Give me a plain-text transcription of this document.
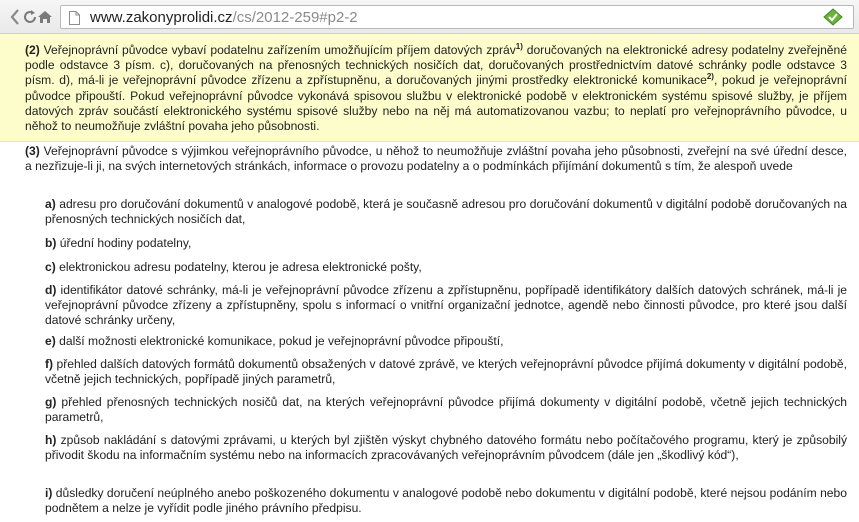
www.zakonyprolidi.cz/cs/2012-259#p2-2

(2) Veřejnoprávní původce vybaví podatelnu zařízením umožňujícím příjem datových zpráv$^{1)}$ doručovaných na elektronické adresy podatelny zveřejněné podle odstavce 3 písm. c), doručovaných na přenosných technických nosičích dat, doručovaných prostřednictvím datové schránky podle odstavce 3 písm. d), má-li je veřejnoprávní původce zřízenu a zpřístupněnu, a doručovaných jinými prostředky elektronické komunikace$^{2)}$, pokud je veřejnoprávní původce připouští. Pokud veřejnoprávní původce vykonává spisovou službu v elektronické podobě v elektronickém systému spisové služby, je příjem datových zpráv součástí elektronického systému spisové služby nebo na něj má automatizovanou vazbu; to neplatí pro veřejnoprávního původce, u něhož to neumožňuje zvláštní povaha jeho působnosti.

(3) Veřejnoprávní původce s výjimkou veřejnoprávního původce, u něhož to neumožňuje zvláštní povaha jeho působnosti, zveřejní na své úřední desce, a nezřizuje-li ji, na svých internetových stránkách, informace o provozu podatelny a o podmínkách přijímání dokumentů s tím, že alespoň uvede

a) adresu pro doručování dokumentů v analogové podobě, která je současně adresou pro doručování dokumentů v digitální podobě doručovaných na přenosných technických nosičích dat,

b) úřední hodiny podatelny,

c) elektronickou adresu podatelny, kterou je adresa elektronické pošty,

d) identifikátor datové schránky, má-li je veřejnoprávní původce zřízenu a zpřístupněnu, popřípadě identifikátory dalších datových schránek, má-li je veřejnoprávní původce zřízeny a zpřístupněny, spolu s informací o vnitřní organizační jednotce, agendě nebo činnosti původce, pro které jsou další datové schránky určeny,

e) další možnosti elektronické komunikace, pokud je veřejnoprávní původce připouští,

f) přehled dalších datových formátů dokumentů obsažených v datové zprávě, ve kterých veřejnoprávní původce přijímá dokumenty v digitální podobě, včetně jejich technických, popřípadě jiných parametrů,

g) přehled přenosných technických nosičů dat, na kterých veřejnoprávní původce přijímá dokumenty v digitální podobě, včetně jejich technických parametrů,

h) způsob nakládání s datovými zprávami, u kterých byl zjištěn výskyt chybného datového formátu nebo počítačového programu, který je způsobilý přivodit škodu na informačním systému nebo na informacích zpracovávaných veřejnoprávním původcem (dále jen „škodlivý kód“),

i) důsledky doručení neúplného anebo poškozeného dokumentu v analogové podobě nebo dokumentu v digitální podobě, které nejsou podáním nebo podnětem a nelze je vyřídit podle jiného právního předpisu.
